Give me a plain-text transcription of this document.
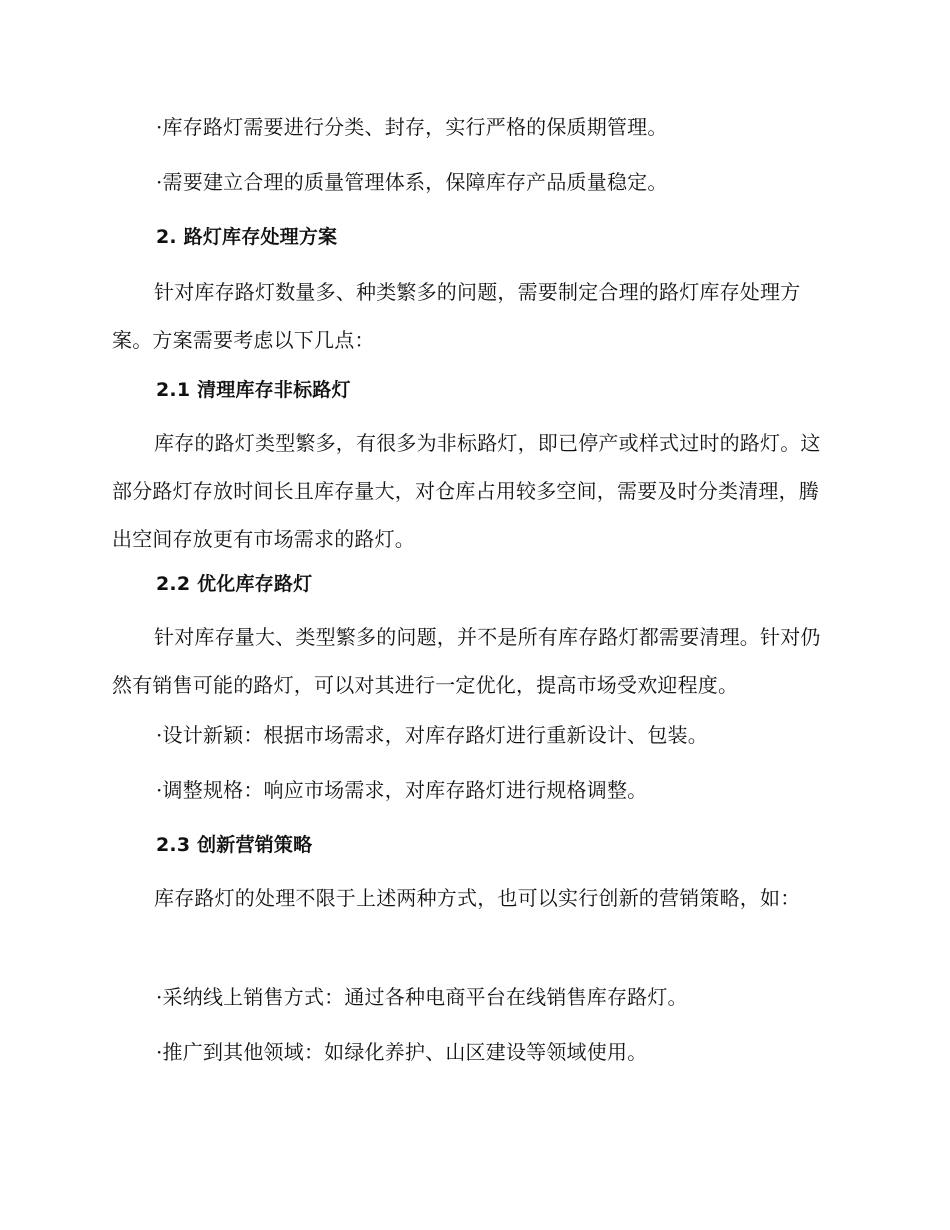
·库存路灯需要进行分类、封存，实行严格的保质期管理。
·需要建立合理的质量管理体系，保障库存产品质量稳定。
2. 路灯库存处理方案
针对库存路灯数量多、种类繁多的问题，需要制定合理的路灯库存处理方案。方案需要考虑以下几点：
2.1 清理库存非标路灯
库存的路灯类型繁多，有很多为非标路灯，即已停产或样式过时的路灯。这部分路灯存放时间长且库存量大，对仓库占用较多空间，需要及时分类清理，腾出空间存放更有市场需求的路灯。
2.2 优化库存路灯
针对库存量大、类型繁多的问题，并不是所有库存路灯都需要清理。针对仍然有销售可能的路灯，可以对其进行一定优化，提高市场受欢迎程度。
·设计新颖：根据市场需求，对库存路灯进行重新设计、包装。
·调整规格：响应市场需求，对库存路灯进行规格调整。
2.3 创新营销策略
库存路灯的处理不限于上述两种方式，也可以实行创新的营销策略，如：
·采纳线上销售方式：通过各种电商平台在线销售库存路灯。
·推广到其他领域：如绿化养护、山区建设等领域使用。
